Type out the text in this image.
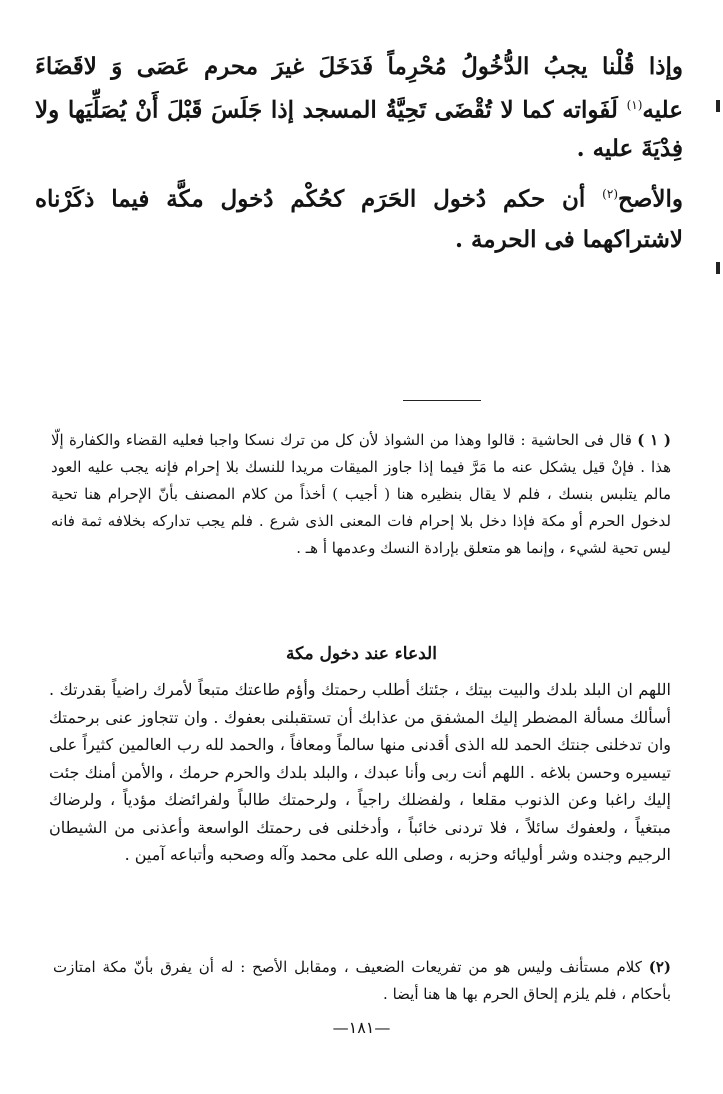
وإذا قُلْنا يجبُ الدُّخُولُ مُحْرِماً فَدَخَلَ غيرَ محرم عَصَى وَ لاقَضَاءَ عليه$^{(١)}$ لَفَواته كما لا تُقْضَى تَحِيَّةُ المسجد إذا جَلَسَ قَبْلَ أَنْ يُصَلِّيَها ولا فِدْيَةَ عليه .

والأصح$^{(٢)}$ أن حكم دُخول الحَرَم كحُكْم دُخول مكَّة فيما ذكَرْناه لاشتراكهما فى الحرمة .

( ١ ) قال فى الحاشية : قالوا وهذا من الشواذ لأن كل من ترك نسكا واجبا فعليه القضاء والكفارة إلّا هذا . فإنْ قيل يشكل عنه ما مَرَّ فيما إذا جاوز الميقات مريدا للنسك بلا إحرام فإنه يجب عليه العود مالم يتلبس بنسك ، فلم لا يقال بنظيره هنا ( أجيب ) أخذاً من كلام المصنف بأنّ الإحرام هنا تحية لدخول الحرم أو مكة فإذا دخل بلا إحرام فات المعنى الذى شرع . فلم يجب تداركه بخلافه ثمة فانه ليس تحية لشيء ، وإنما هو متعلق بإرادة النسك وعدمها أ هـ .

الدعاء عند دخول مكة

اللهم ان البلد بلدك والبيت بيتك ، جئتك أطلب رحمتك وأؤم طاعتك متبعاً لأمرك راضياً بقدرتك . أسألك مسألة المضطر إليك المشفق من عذابك أن تستقبلنى بعفوك . وان تتجاوز عنى برحمتك وان تدخلنى جنتك الحمد لله الذى أقدنى منها سالماً ومعافاً ، والحمد لله رب العالمين كثيراً على تيسيره وحسن بلاغه . اللهم أنت ربى وأنا عبدك ، والبلد بلدك والحرم حرمك ، والأمن أمنك جئت إليك راغبا وعن الذنوب مقلعا ، ولفضلك راجياً ، ولرحمتك طالباً ولفرائضك مؤدياً ، ولرضاك مبتغياً ، ولعفوك سائلاً ، فلا تردنى خائباً ، وأدخلنى فى رحمتك الواسعة وأعذنى من الشيطان الرجيم وجنده وشر أوليائه وحزبه ، وصلى الله على محمد وآله وصحبه وأتباعه آمين .

(٢) كلام مستأنف وليس هو من تفريعات الضعيف ، ومقابل الأصح : له أن يفرق بأنّ مكة امتازت بأحكام ، فلم يلزم إلحاق الحرم بها ها هنا أيضا .

—١٨١—
